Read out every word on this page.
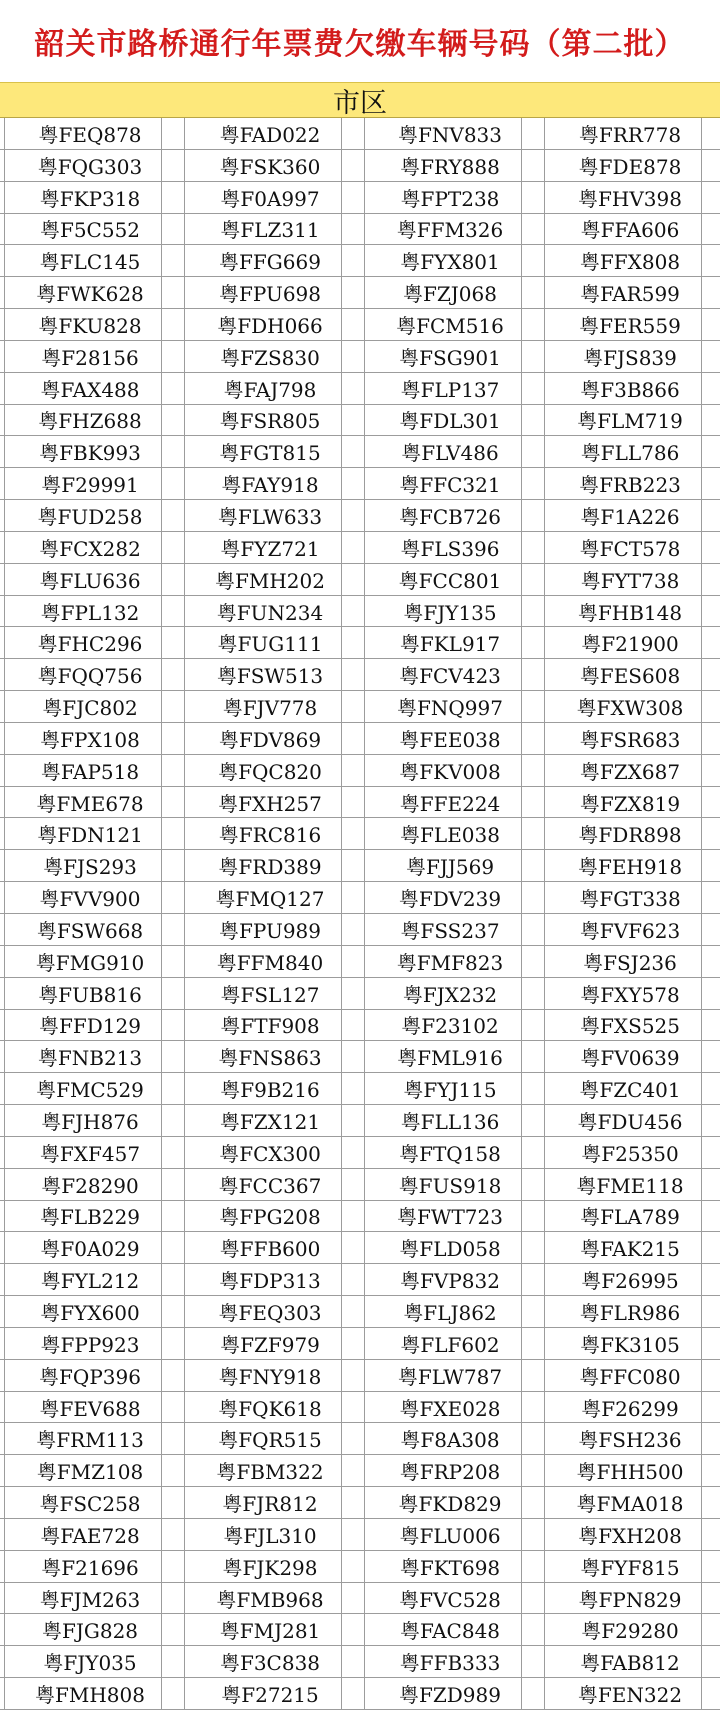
韶关市路桥通行年票费欠缴车辆号码（第二批）
市区
粤FEQ878	粤FAD022	粤FNV833	粤FRR778
粤FQG303	粤FSK360	粤FRY888	粤FDE878
粤FKP318	粤F0A997	粤FPT238	粤FHV398
粤F5C552	粤FLZ311	粤FFM326	粤FFA606
粤FLC145	粤FFG669	粤FYX801	粤FFX808
粤FWK628	粤FPU698	粤FZJ068	粤FAR599
粤FKU828	粤FDH066	粤FCM516	粤FER559
粤F28156	粤FZS830	粤FSG901	粤FJS839
粤FAX488	粤FAJ798	粤FLP137	粤F3B866
粤FHZ688	粤FSR805	粤FDL301	粤FLM719
粤FBK993	粤FGT815	粤FLV486	粤FLL786
粤F29991	粤FAY918	粤FFC321	粤FRB223
粤FUD258	粤FLW633	粤FCB726	粤F1A226
粤FCX282	粤FYZ721	粤FLS396	粤FCT578
粤FLU636	粤FMH202	粤FCC801	粤FYT738
粤FPL132	粤FUN234	粤FJY135	粤FHB148
粤FHC296	粤FUG111	粤FKL917	粤F21900
粤FQQ756	粤FSW513	粤FCV423	粤FES608
粤FJC802	粤FJV778	粤FNQ997	粤FXW308
粤FPX108	粤FDV869	粤FEE038	粤FSR683
粤FAP518	粤FQC820	粤FKV008	粤FZX687
粤FME678	粤FXH257	粤FFE224	粤FZX819
粤FDN121	粤FRC816	粤FLE038	粤FDR898
粤FJS293	粤FRD389	粤FJJ569	粤FEH918
粤FVV900	粤FMQ127	粤FDV239	粤FGT338
粤FSW668	粤FPU989	粤FSS237	粤FVF623
粤FMG910	粤FFM840	粤FMF823	粤FSJ236
粤FUB816	粤FSL127	粤FJX232	粤FXY578
粤FFD129	粤FTF908	粤F23102	粤FXS525
粤FNB213	粤FNS863	粤FML916	粤FV0639
粤FMC529	粤F9B216	粤FYJ115	粤FZC401
粤FJH876	粤FZX121	粤FLL136	粤FDU456
粤FXF457	粤FCX300	粤FTQ158	粤F25350
粤F28290	粤FCC367	粤FUS918	粤FME118
粤FLB229	粤FPG208	粤FWT723	粤FLA789
粤F0A029	粤FFB600	粤FLD058	粤FAK215
粤FYL212	粤FDP313	粤FVP832	粤F26995
粤FYX600	粤FEQ303	粤FLJ862	粤FLR986
粤FPP923	粤FZF979	粤FLF602	粤FK3105
粤FQP396	粤FNY918	粤FLW787	粤FFC080
粤FEV688	粤FQK618	粤FXE028	粤F26299
粤FRM113	粤FQR515	粤F8A308	粤FSH236
粤FMZ108	粤FBM322	粤FRP208	粤FHH500
粤FSC258	粤FJR812	粤FKD829	粤FMA018
粤FAE728	粤FJL310	粤FLU006	粤FXH208
粤F21696	粤FJK298	粤FKT698	粤FYF815
粤FJM263	粤FMB968	粤FVC528	粤FPN829
粤FJG828	粤FMJ281	粤FAC848	粤F29280
粤FJY035	粤F3C838	粤FFB333	粤FAB812
粤FMH808	粤F27215	粤FZD989	粤FEN322
